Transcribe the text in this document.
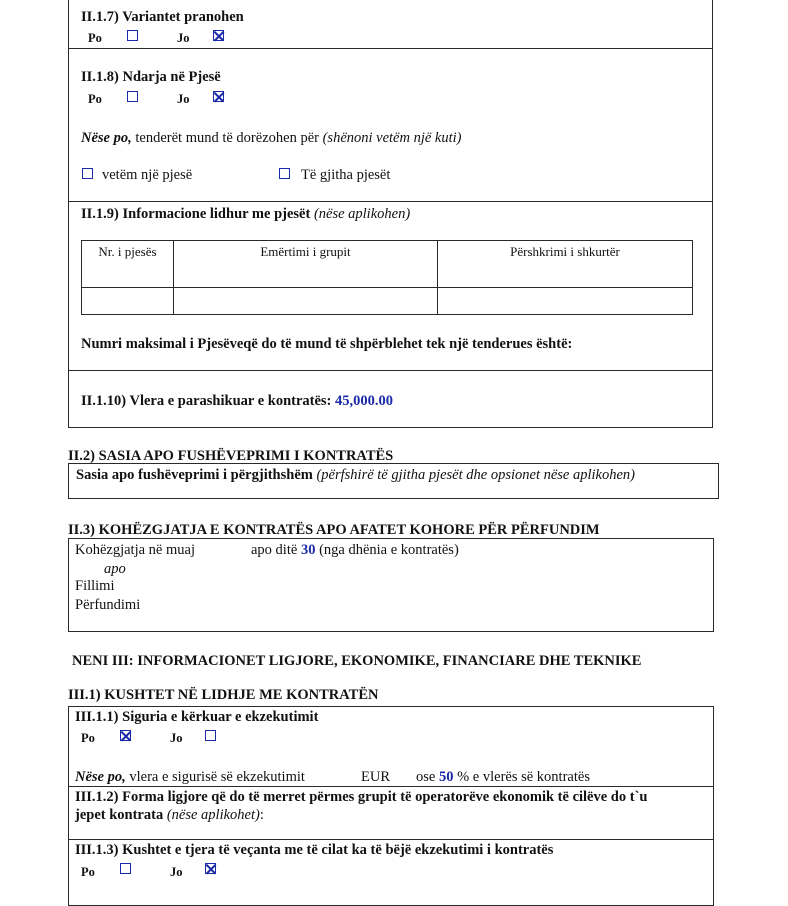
II.1.7) Variantet pranohen
Po	Jo
II.1.8) Ndarja në Pjesë
Po	Jo
Nëse po, tenderët mund të dorëzohen për (shënoni vetëm një kuti)
vetëm një pjesë	Të gjitha pjesët
II.1.9) Informacione lidhur me pjesët (nëse aplikohen)
Nr. i pjesës	Emërtimi i grupit	Përshkrimi i shkurtër

Numri maksimal i Pjesëveqë do të mund të shpërblehet tek një tenderues është:
II.1.10) Vlera e parashikuar e kontratës: 45,000.00
II.2) SASIA APO FUSHËVEPRIMI I KONTRATËS
Sasia apo fushëveprimi i përgjithshëm (përfshirë të gjitha pjesët dhe opsionet nëse aplikohen)
II.3) KOHËZGJATJA E KONTRATËS APO AFATET KOHORE PËR PËRFUNDIM
Kohëzgjatja në muaj	apo ditë 30 (nga dhënia e kontratës)
apo
Fillimi
Përfundimi
NENI III: INFORMACIONET LIGJORE, EKONOMIKE, FINANCIARE DHE TEKNIKE
III.1) KUSHTET NË LIDHJE ME KONTRATËN
III.1.1) Siguria e kërkuar e ekzekutimit
Po	Jo
Nëse po, vlera e sigurisë së ekzekutimit	EUR ose 50 % e vlerës së kontratës
III.1.2) Forma ligjore që do të merret përmes grupit të operatorëve ekonomik të cilëve do t`u
jepet kontrata (nëse aplikohet):
III.1.3) Kushtet e tjera të veçanta me të cilat ka të bëjë ekzekutimi i kontratës
Po	Jo
